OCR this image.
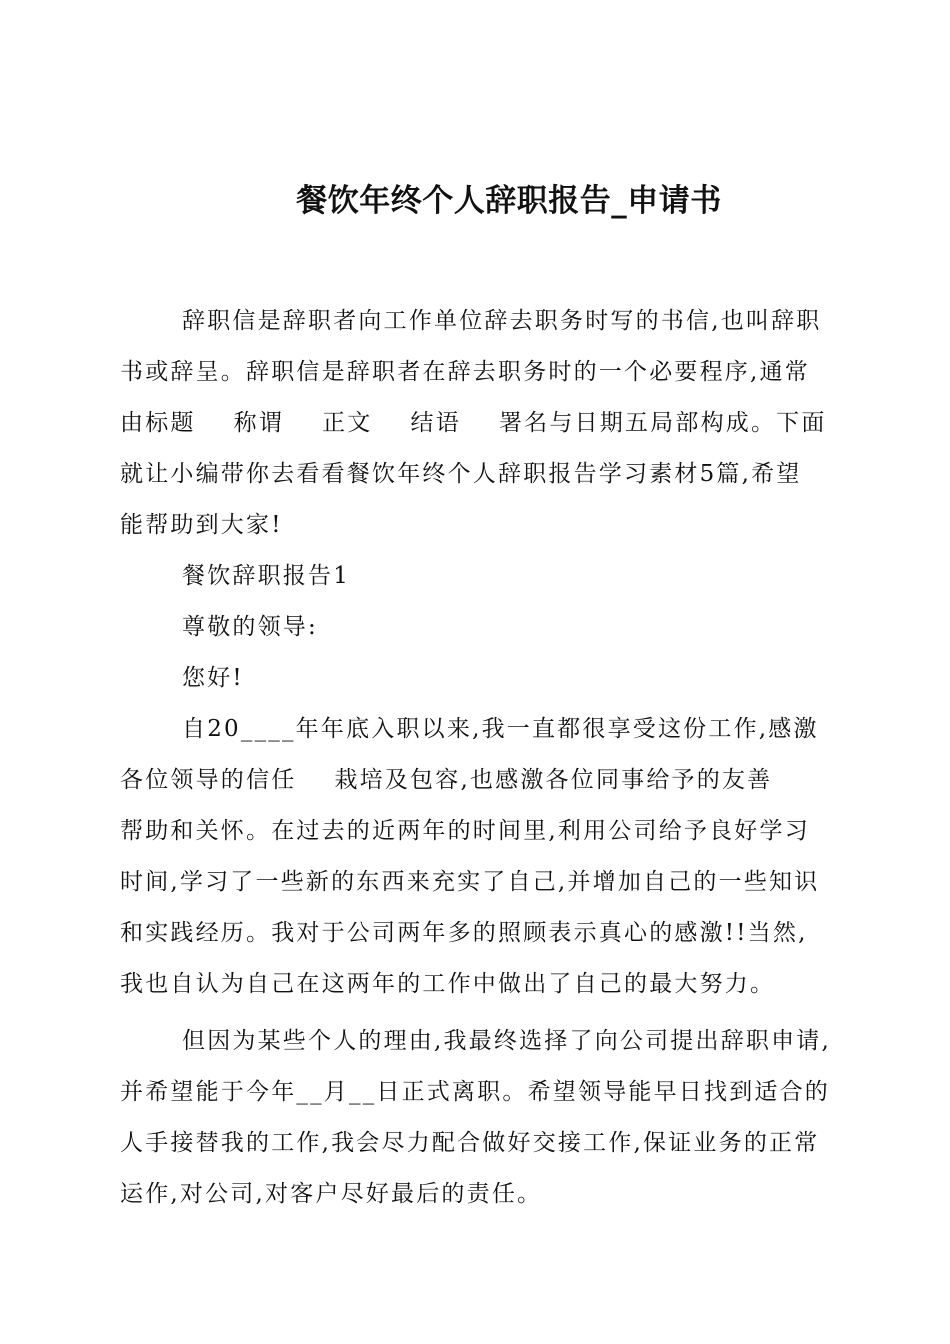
餐饮年终个人辞职报告_申请书
辞职信是辞职者向工作单位辞去职务时写的书信,也叫辞职
书或辞呈。辞职信是辞职者在辞去职务时的一个必要程序,通常
由标题    称谓    正文    结语    署名与日期五局部构成。下面
就让小编带你去看看餐饮年终个人辞职报告学习素材5篇,希望
能帮助到大家!
餐饮辞职报告1
尊敬的领导:
您好!
自20____年年底入职以来,我一直都很享受这份工作,感激
各位领导的信任    栽培及包容,也感激各位同事给予的友善
帮助和关怀。在过去的近两年的时间里,利用公司给予良好学习
时间,学习了一些新的东西来充实了自己,并增加自己的一些知识
和实践经历。我对于公司两年多的照顾表示真心的感激!!当然,
我也自认为自己在这两年的工作中做出了自己的最大努力。
但因为某些个人的理由,我最终选择了向公司提出辞职申请,
并希望能于今年__月__日正式离职。希望领导能早日找到适合的
人手接替我的工作,我会尽力配合做好交接工作,保证业务的正常
运作,对公司,对客户尽好最后的责任。
